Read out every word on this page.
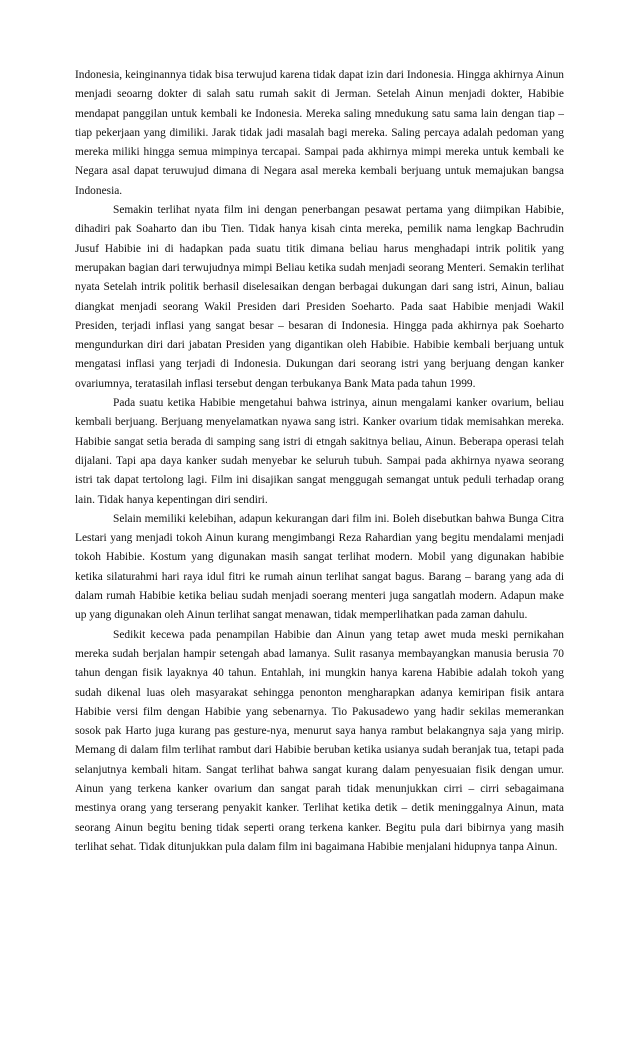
Indonesia, keinginannya tidak bisa terwujud karena tidak dapat izin dari Indonesia. Hingga akhirnya Ainun menjadi seoarng dokter di salah satu rumah sakit di Jerman. Setelah Ainun menjadi dokter, Habibie mendapat panggilan untuk kembali ke Indonesia. Mereka saling mnedukung satu sama lain dengan tiap – tiap pekerjaan yang dimiliki. Jarak tidak jadi masalah bagi mereka. Saling percaya adalah pedoman yang mereka miliki hingga semua mimpinya tercapai. Sampai pada akhirnya mimpi mereka untuk kembali ke Negara asal dapat teruwujud dimana di Negara asal mereka kembali berjuang untuk memajukan bangsa Indonesia.

Semakin terlihat nyata film ini dengan penerbangan pesawat pertama yang diimpikan Habibie, dihadiri pak Soaharto dan ibu Tien. Tidak hanya kisah cinta mereka, pemilik nama lengkap Bachrudin Jusuf Habibie ini di hadapkan pada suatu titik dimana beliau harus menghadapi intrik politik yang merupakan bagian dari terwujudnya mimpi Beliau ketika sudah menjadi seorang Menteri. Semakin terlihat nyata Setelah intrik politik berhasil diselesaikan dengan berbagai dukungan dari sang istri, Ainun, baliau diangkat menjadi seorang Wakil Presiden dari Presiden Soeharto. Pada saat Habibie menjadi Wakil Presiden, terjadi inflasi yang sangat besar – besaran di Indonesia. Hingga pada akhirnya pak Soeharto mengundurkan diri dari jabatan Presiden yang digantikan oleh Habibie. Habibie kembali berjuang untuk mengatasi inflasi yang terjadi di Indonesia. Dukungan dari seorang istri yang berjuang dengan kanker ovariumnya, teratasilah inflasi tersebut dengan terbukanya Bank Mata pada tahun 1999.

Pada suatu ketika Habibie mengetahui bahwa istrinya, ainun mengalami kanker ovarium, beliau kembali berjuang. Berjuang menyelamatkan nyawa sang istri. Kanker ovarium tidak memisahkan mereka. Habibie sangat setia berada di samping sang istri di etngah sakitnya beliau, Ainun. Beberapa operasi telah dijalani. Tapi apa daya kanker sudah menyebar ke seluruh tubuh. Sampai pada akhirnya nyawa seorang istri tak dapat tertolong lagi. Film ini disajikan sangat menggugah semangat untuk peduli terhadap orang lain. Tidak hanya kepentingan diri sendiri.

Selain memiliki kelebihan, adapun kekurangan dari film ini. Boleh disebutkan bahwa Bunga Citra Lestari yang menjadi tokoh Ainun kurang mengimbangi Reza Rahardian yang begitu mendalami menjadi tokoh Habibie. Kostum yang digunakan masih sangat terlihat modern. Mobil yang digunakan habibie ketika silaturahmi hari raya idul fitri ke rumah ainun terlihat sangat bagus. Barang – barang yang ada di dalam rumah Habibie ketika beliau sudah menjadi soerang menteri juga sangatlah modern. Adapun make up yang digunakan oleh Ainun terlihat sangat menawan, tidak memperlihatkan pada zaman dahulu.

Sedikit kecewa pada penampilan Habibie dan Ainun yang tetap awet muda meski pernikahan mereka sudah berjalan hampir setengah abad lamanya. Sulit rasanya membayangkan manusia berusia 70 tahun dengan fisik layaknya 40 tahun. Entahlah, ini mungkin hanya karena Habibie adalah tokoh yang sudah dikenal luas oleh masyarakat sehingga penonton mengharapkan adanya kemiripan fisik antara Habibie versi film dengan Habibie yang sebenarnya. Tio Pakusadewo yang hadir sekilas memerankan sosok pak Harto juga kurang pas gesture-nya, menurut saya hanya rambut belakangnya saja yang mirip. Memang di dalam film terlihat rambut dari Habibie beruban ketika usianya sudah beranjak tua, tetapi pada selanjutnya kembali hitam. Sangat terlihat bahwa sangat kurang dalam penyesuaian fisik dengan umur. Ainun yang terkena kanker ovarium dan sangat parah tidak menunjukkan cirri – cirri sebagaimana mestinya orang yang terserang penyakit kanker. Terlihat ketika detik – detik meninggalnya Ainun, mata seorang Ainun begitu bening tidak seperti orang terkena kanker. Begitu pula dari bibirnya yang masih terlihat sehat. Tidak ditunjukkan pula dalam film ini bagaimana Habibie menjalani hidupnya tanpa Ainun.
